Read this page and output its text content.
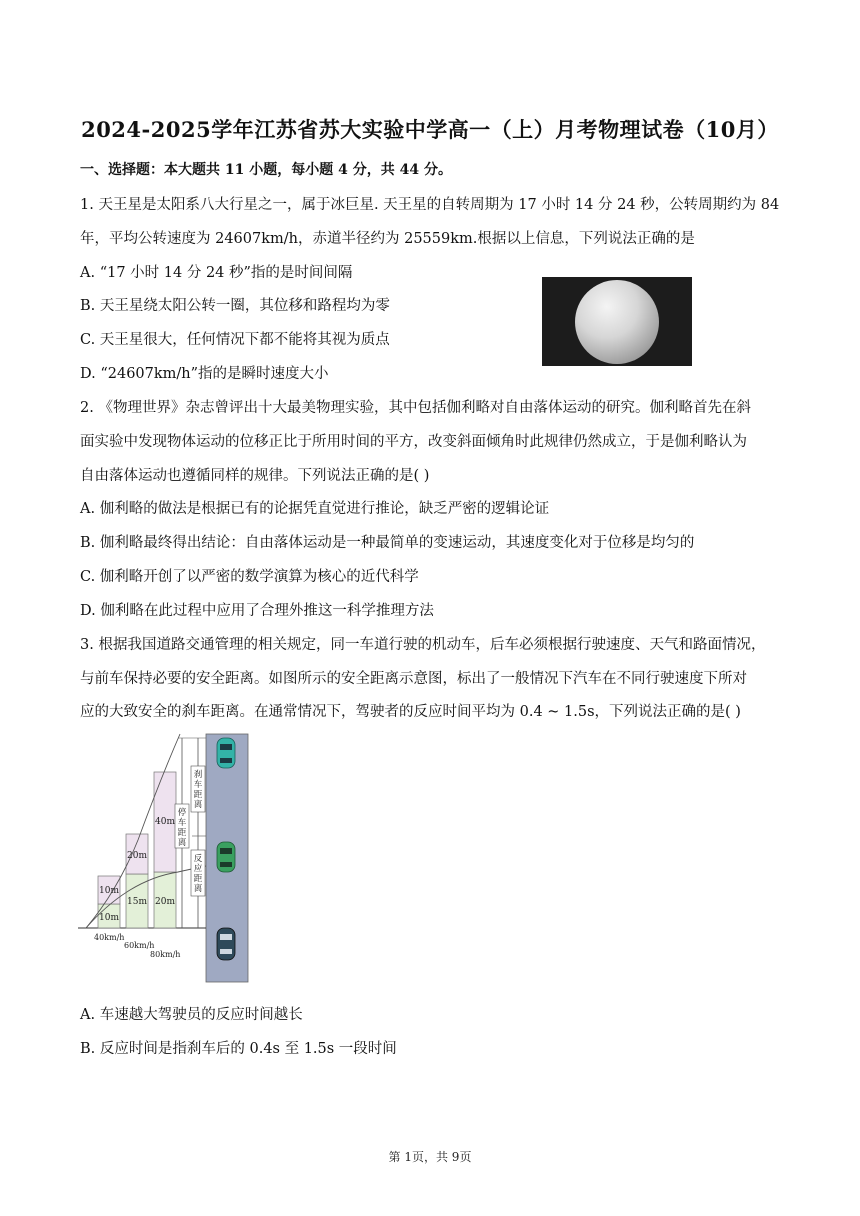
2024-2025学年江苏省苏大实验中学高一（上）月考物理试卷（10月）
一、选择题：本大题共 11 小题，每小题 4 分，共 44 分。
1. 天王星是太阳系八大行星之一，属于冰巨星. 天王星的自转周期为 17 小时 14 分 24 秒，公转周期约为 84
年，平均公转速度为 24607km/h，赤道半径约为 25559km.根据以上信息，下列说法正确的是
A. “17 小时 14 分 24 秒”指的是时间间隔
B. 天王星绕太阳公转一圈，其位移和路程均为零
C. 天王星很大，任何情况下都不能将其视为质点
D. “24607km/h”指的是瞬时速度大小
2. 《物理世界》杂志曾评出十大最美物理实验，其中包括伽利略对自由落体运动的研究。伽利略首先在斜
面实验中发现物体运动的位移正比于所用时间的平方，改变斜面倾角时此规律仍然成立，于是伽利略认为
自由落体运动也遵循同样的规律。下列说法正确的是( )
A. 伽利略的做法是根据已有的论据凭直觉进行推论，缺乏严密的逻辑论证
B. 伽利略最终得出结论：自由落体运动是一种最简单的变速运动，其速度变化对于位移是均匀的
C. 伽利略开创了以严密的数学演算为核心的近代科学
D. 伽利略在此过程中应用了合理外推这一科学推理方法
3. 根据我国道路交通管理的相关规定，同一车道行驶的机动车，后车必须根据行驶速度、天气和路面情况，
与前车保持必要的安全距离。如图所示的安全距离示意图，标出了一般情况下汽车在不同行驶速度下所对
应的大致安全的刹车距离。在通常情况下，驾驶者的反应时间平均为 0.4 ~ 1.5s，下列说法正确的是( )
10m
10m
15m
20m
20m
40m
40km/h
60km/h
80km/h
刹车距离
停车距离
反应距离
A. 车速越大驾驶员的反应时间越长
B. 反应时间是指刹车后的 0.4s 至 1.5s 一段时间
第 1页，共 9页
